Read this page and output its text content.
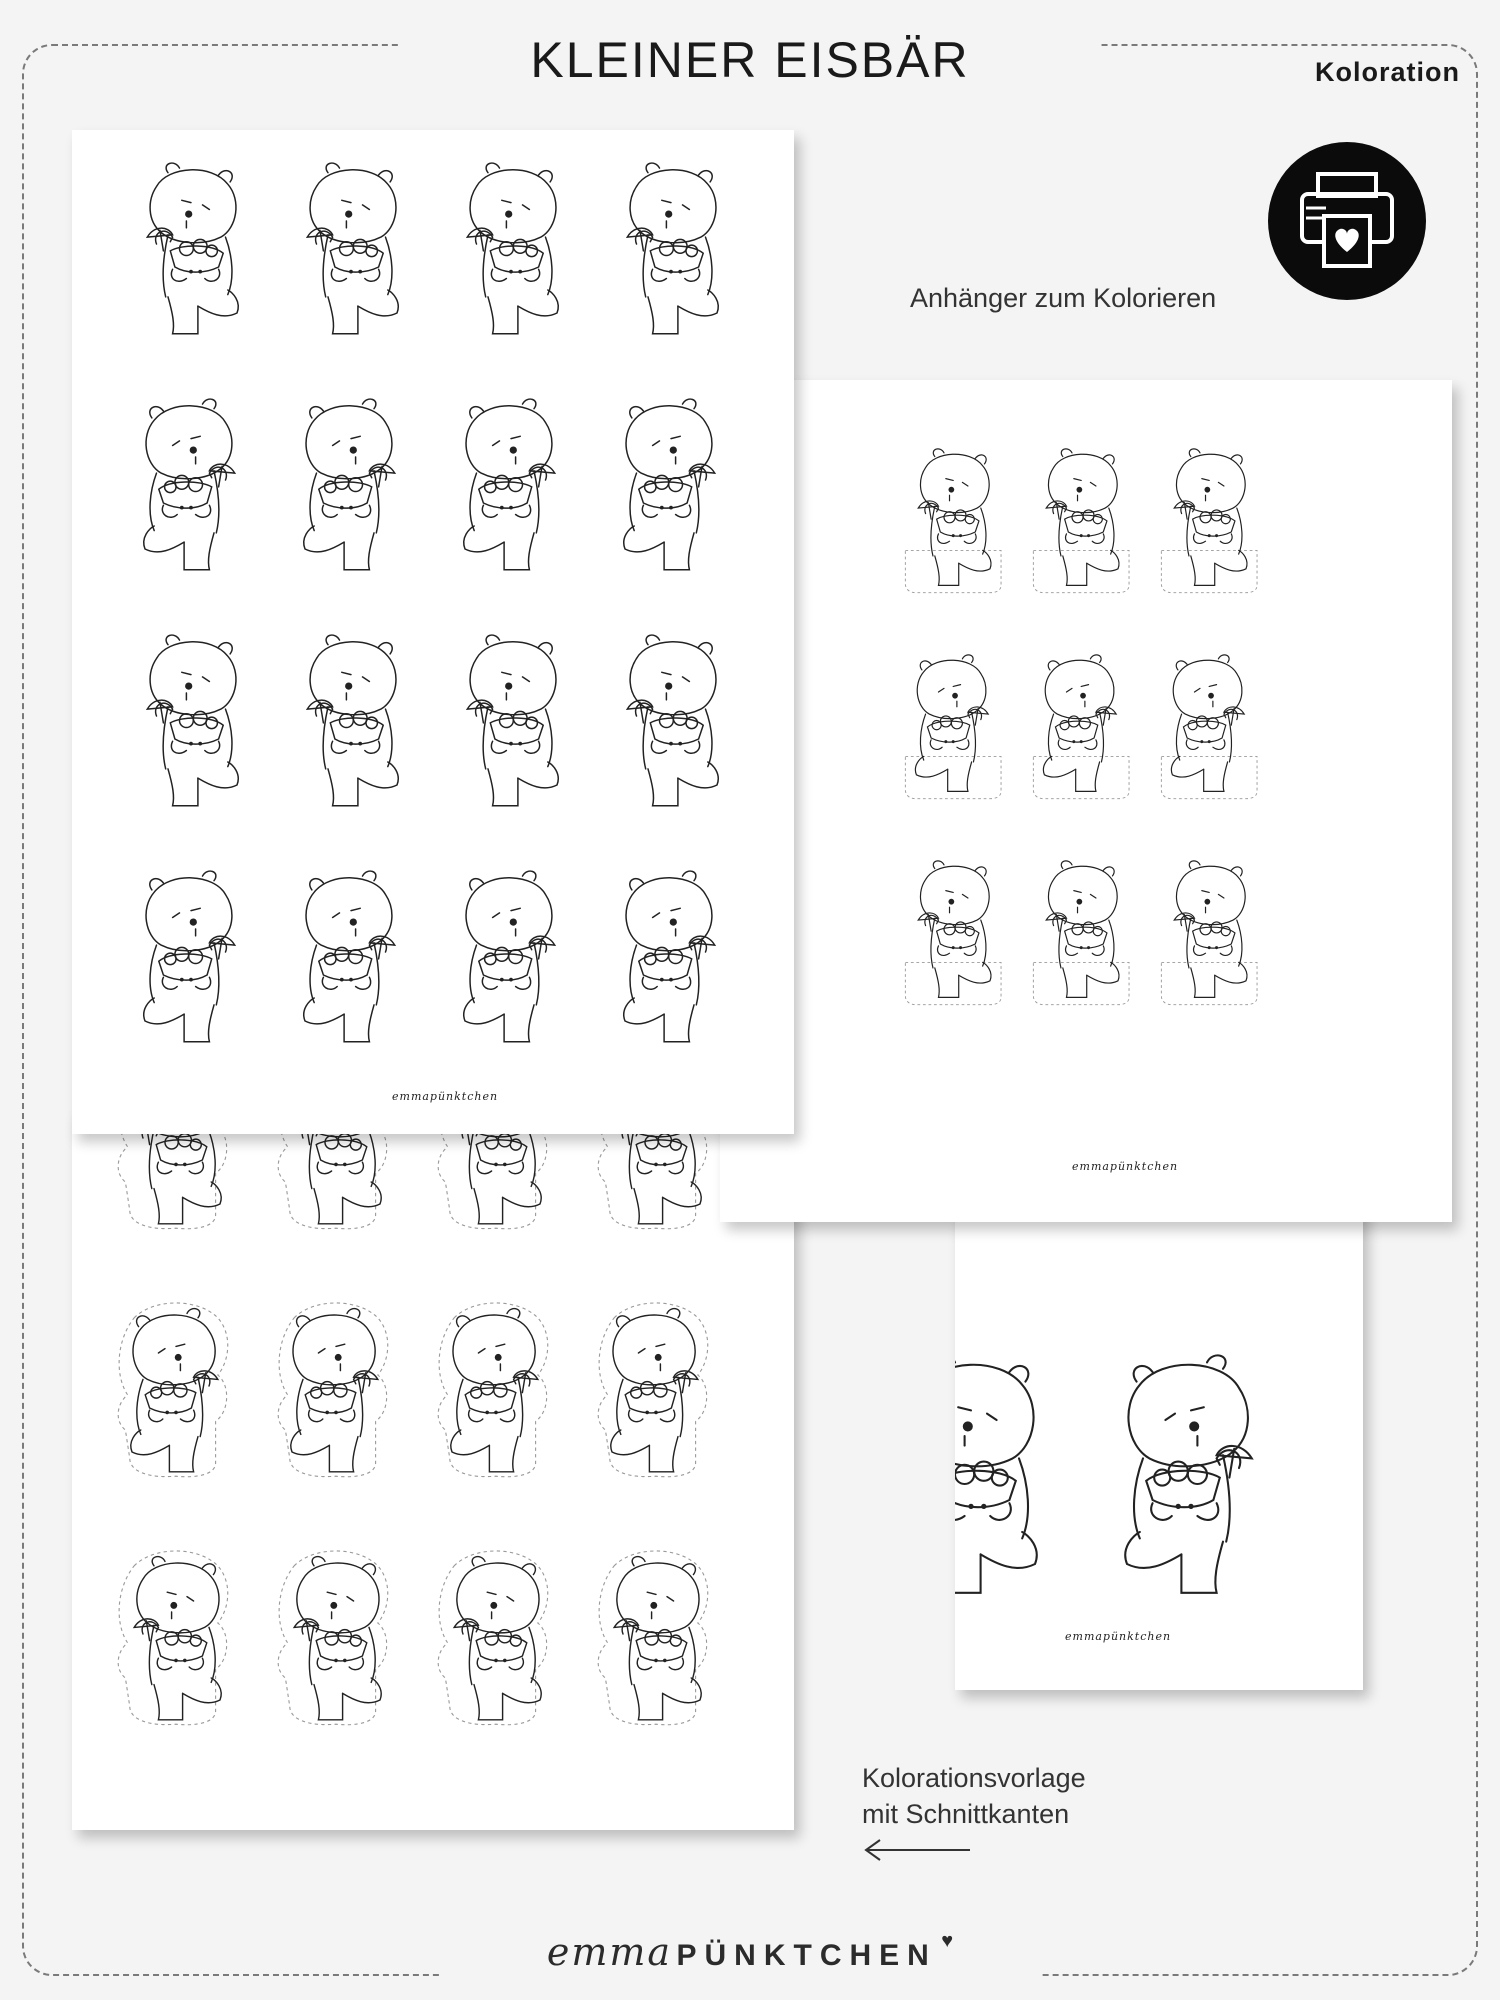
KLEINER EISBÄR	Koloration
emmapünktchen
emmapünktchen
emmapünktchen
Anhänger zum Kolorieren
Kolorationsvorlage
mit Schnittkanten
emma PÜNKTCHEN ♥
